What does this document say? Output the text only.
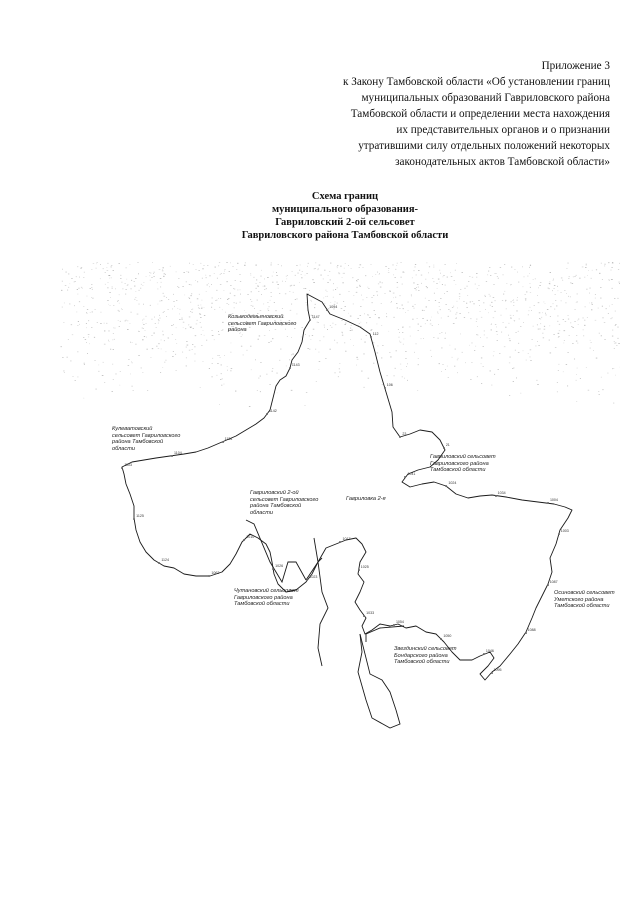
Приложение 3
к Закону Тамбовской области «Об установлении границ
муниципальных образований Гавриловского района
Тамбовской области и определении места нахождения
их представительных органов и о признании
утратившими силу отдельных положений некоторых
законодательных актов Тамбовской области»
Схема границ
муниципального образования-
Гавриловский 2-ой сельсовет
Гавриловского района Тамбовской области
Козьмодемьяновский сельсовет Гавриловского района
Кулеватовский сельсовет Гавриловского района Тамбовской области
Гавриловский сельсовет Гавриловского района Тамбовской области
Гавриловский 2-ой сельсовет Гавриловского района Тамбовской области
Гавриловка 2-я
Чутановский сельсовет Гавриловского района Тамбовской области
Осиновский сельсовет Уметского района Тамбовской области
Звездинский сельсовет Бондарского района Тамбовской области
1094
112
106
23
21
1041
1024
1034
1004
1003
1087
1088
1095
1046
1050
1054
1033
1025
1017
1023
1026
1010
1062
1124
1125
1103
1104
1134
1142
1143
1147
